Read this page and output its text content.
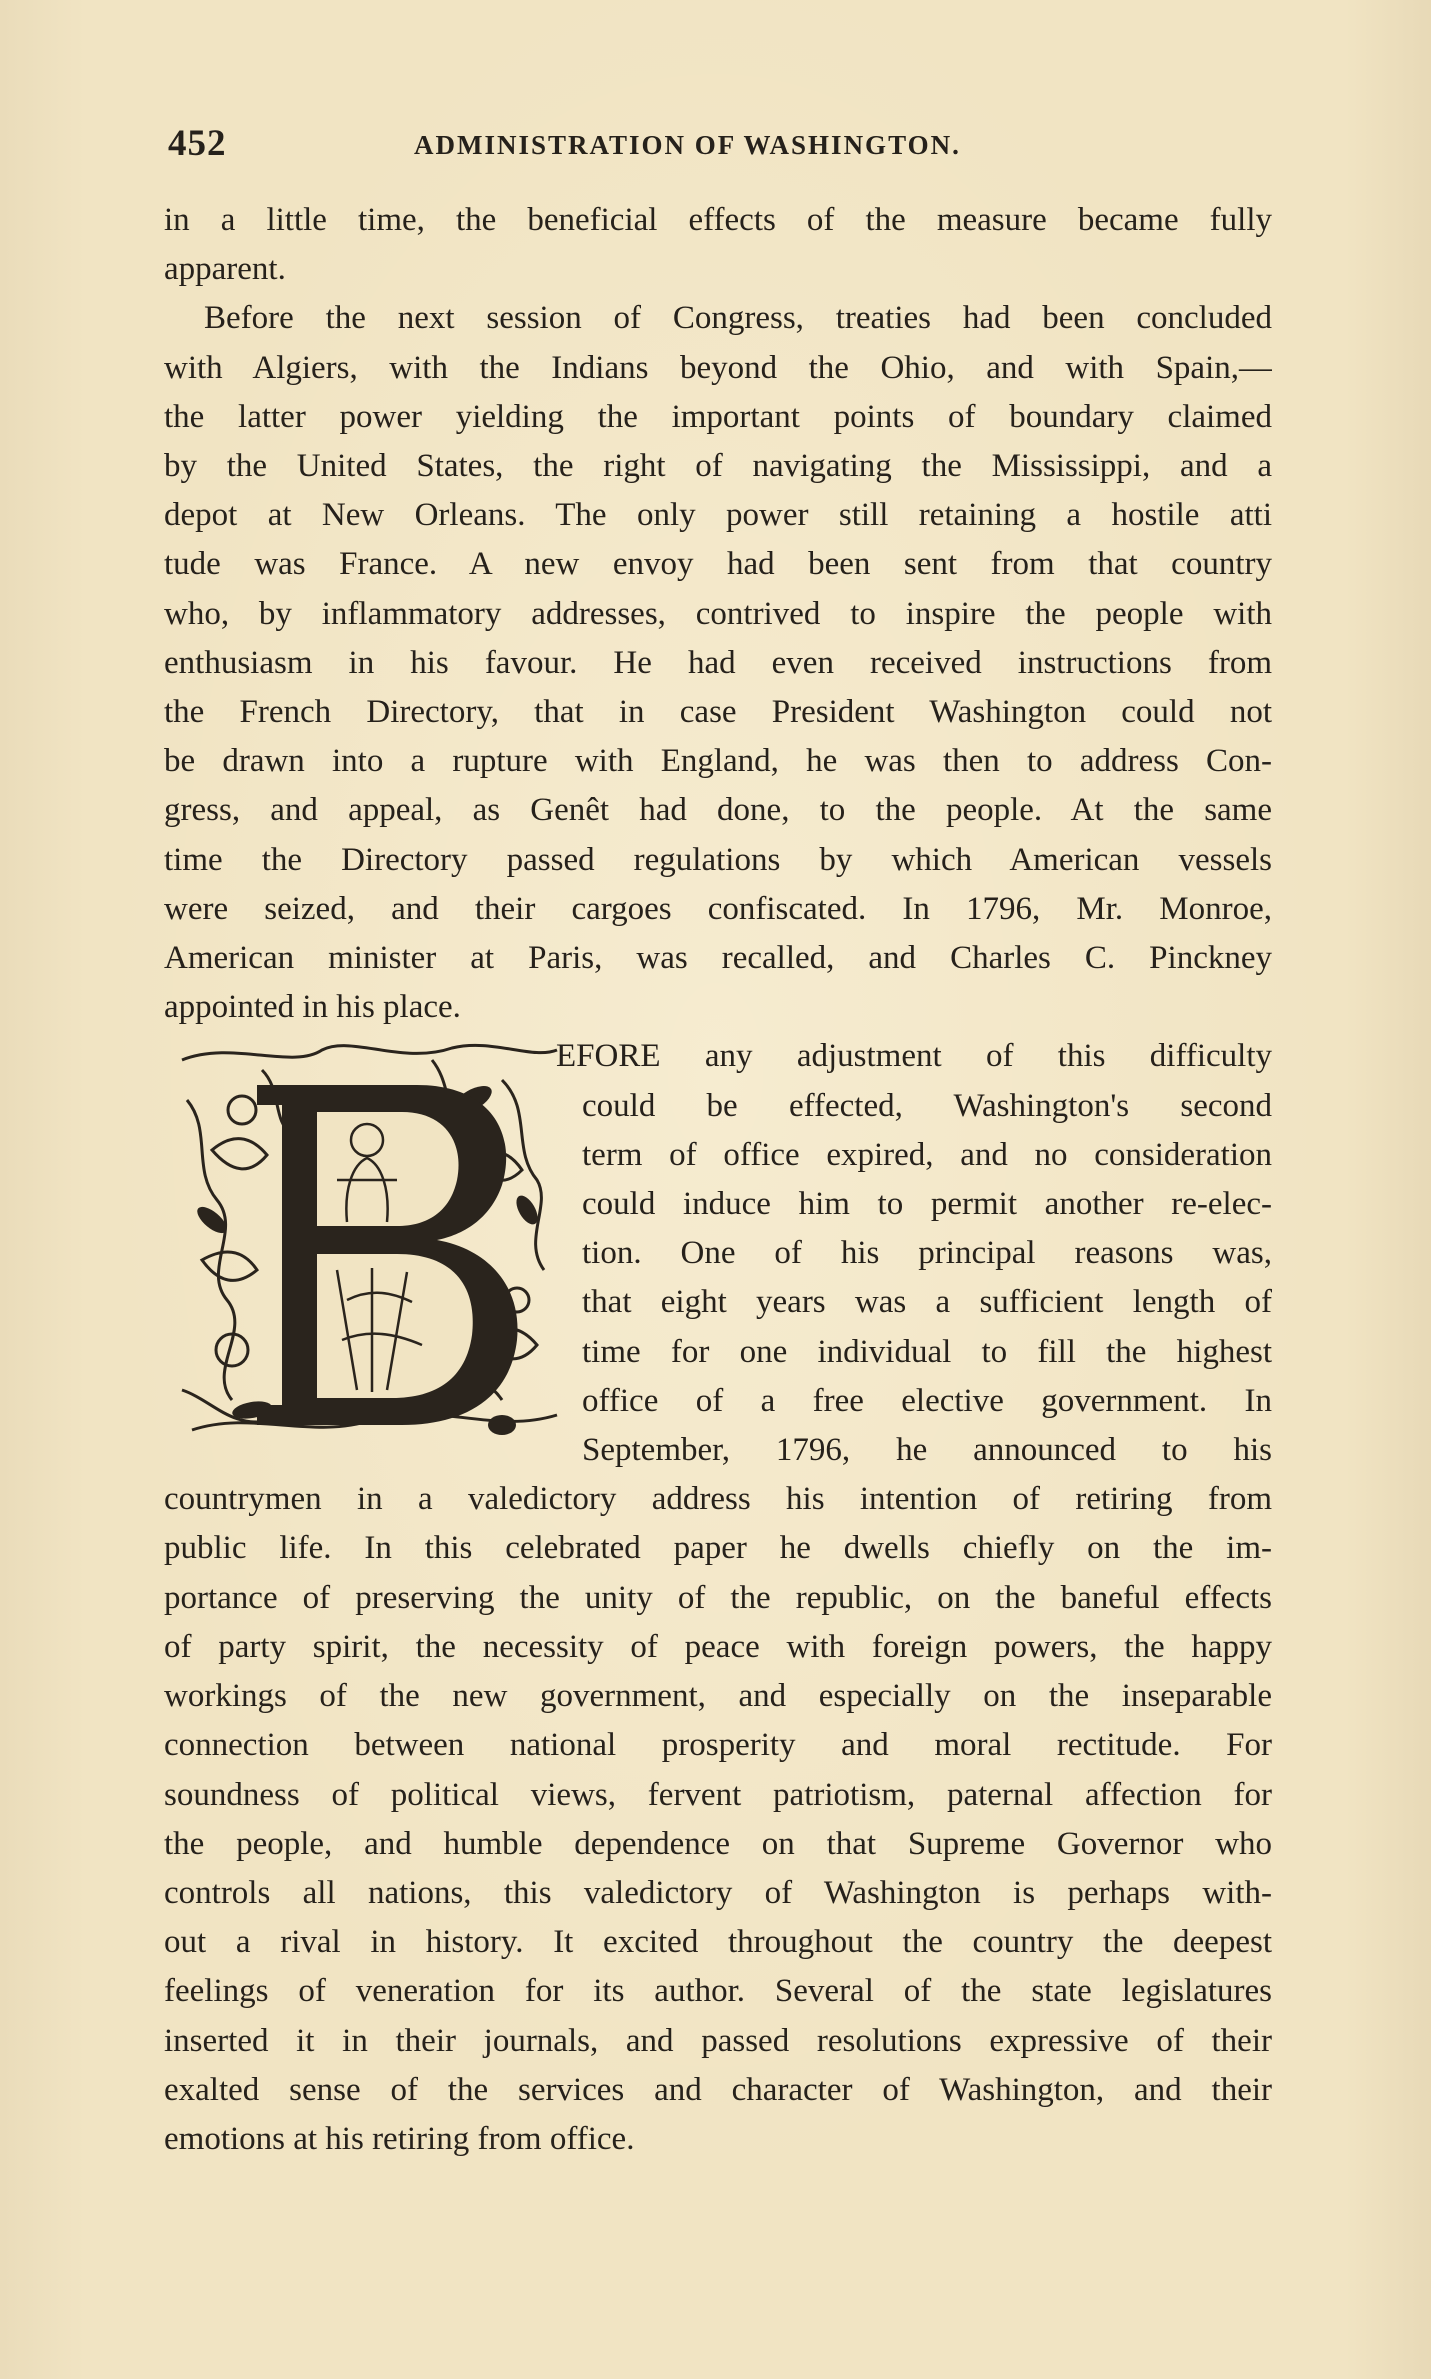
452	ADMINISTRATION OF WASHINGTON.

in a little time, the beneficial effects of the measure became fully
apparent.

Before the next session of Congress, treaties had been concluded
with Algiers, with the Indians beyond the Ohio, and with Spain,—
the latter power yielding the important points of boundary claimed
by the United States, the right of navigating the Mississippi, and a
depot at New Orleans. The only power still retaining a hostile atti
tude was France. A new envoy had been sent from that country
who, by inflammatory addresses, contrived to inspire the people with
enthusiasm in his favour. He had even received instructions from
the French Directory, that in case President Washington could not
be drawn into a rupture with England, he was then to address Con-
gress, and appeal, as Genêt had done, to the people. At the same
time the Directory passed regulations by which American vessels
were seized, and their cargoes confiscated. In 1796, Mr. Monroe,
American minister at Paris, was recalled, and Charles C. Pinckney
appointed in his place.

EFORE any adjustment of this difficulty
could be effected, Washington's second
term of office expired, and no consideration
could induce him to permit another re-elec-
tion. One of his principal reasons was,
that eight years was a sufficient length of
time for one individual to fill the highest
office of a free elective government. In
September, 1796, he announced to his
countrymen in a valedictory address his intention of retiring from
public life. In this celebrated paper he dwells chiefly on the im-
portance of preserving the unity of the republic, on the baneful effects
of party spirit, the necessity of peace with foreign powers, the happy
workings of the new government, and especially on the inseparable
connection between national prosperity and moral rectitude. For
soundness of political views, fervent patriotism, paternal affection for
the people, and humble dependence on that Supreme Governor who
controls all nations, this valedictory of Washington is perhaps with-
out a rival in history. It excited throughout the country the deepest
feelings of veneration for its author. Several of the state legislatures
inserted it in their journals, and passed resolutions expressive of their
exalted sense of the services and character of Washington, and their
emotions at his retiring from office.
